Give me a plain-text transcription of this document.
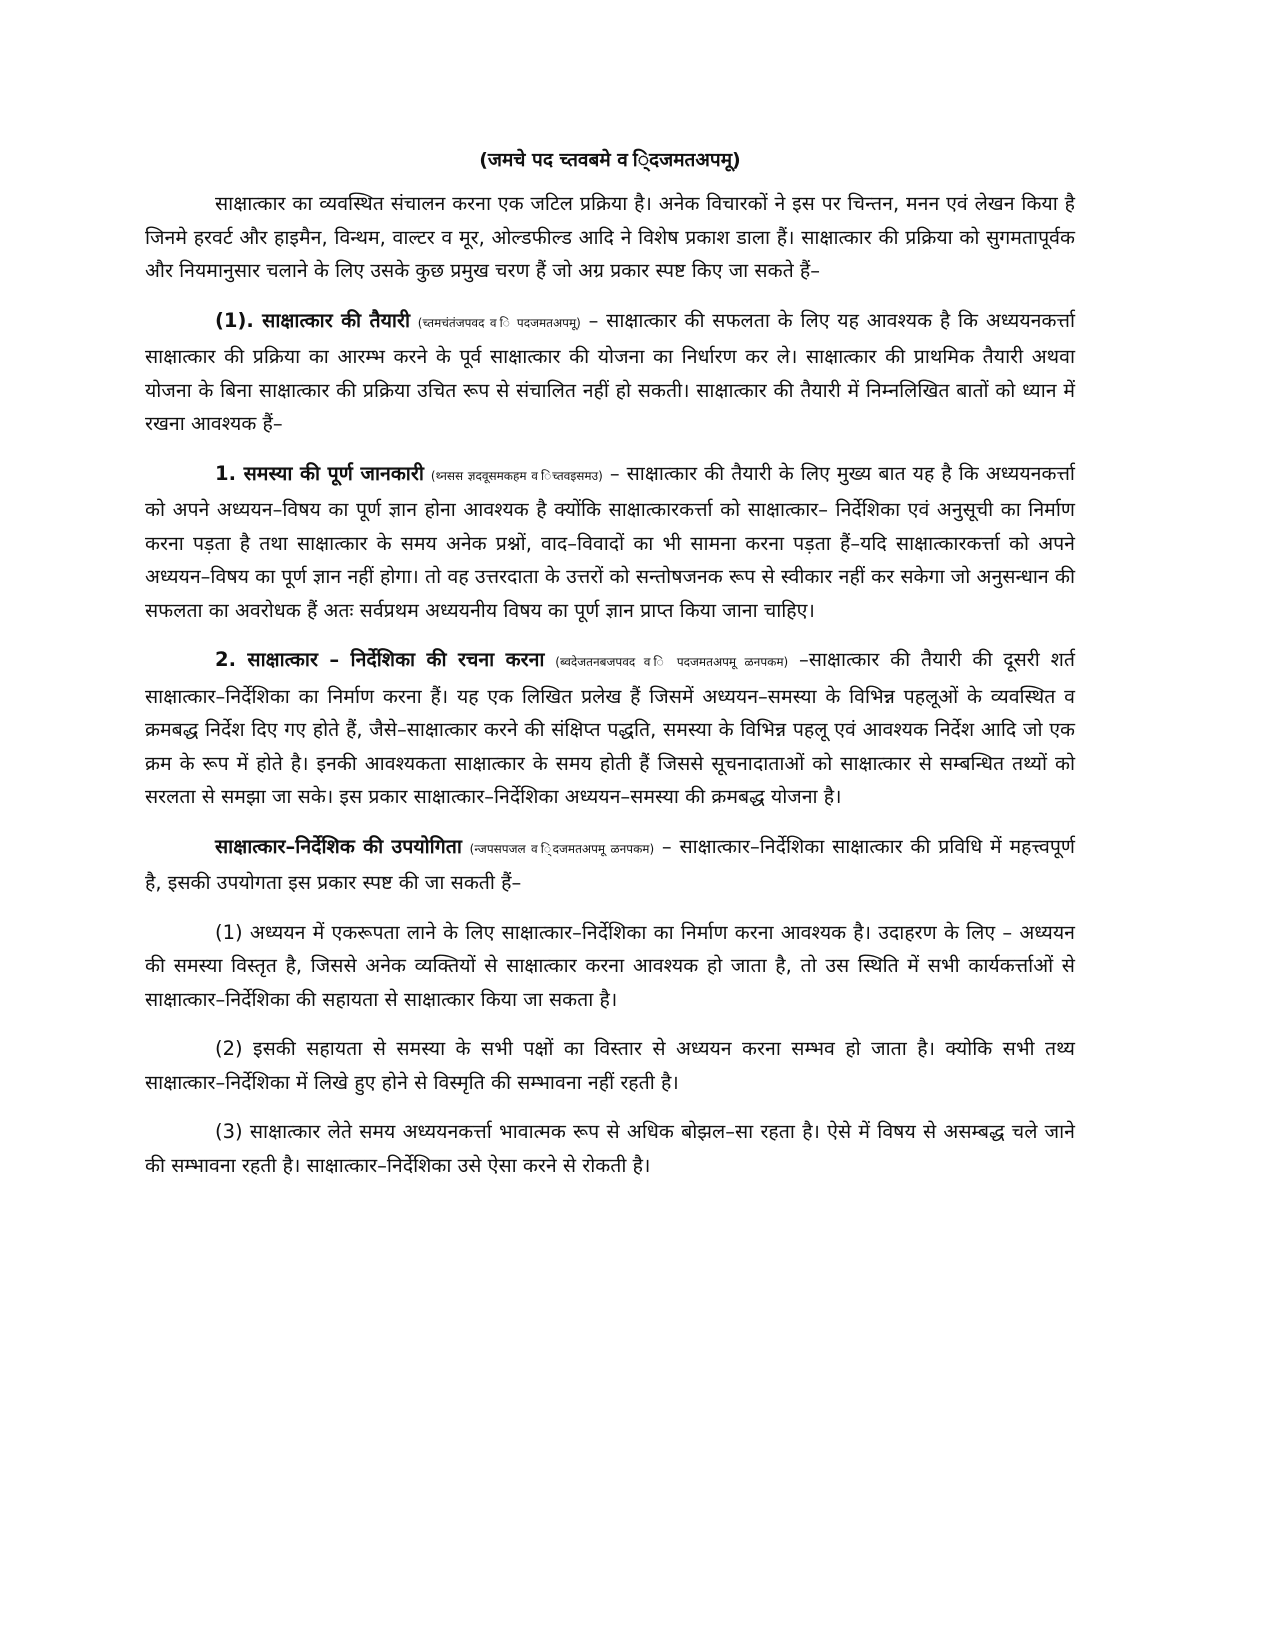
(जमचे पद च्तवबमे व ि्दजमतअपमू)

साक्षात्कार का व्यवस्थित संचालन करना एक जटिल प्रक्रिया है। अनेक विचारकों ने इस पर चिन्तन, मनन एवं लेखन किया है जिनमे हरवर्ट और हाइमैन, विन्थम, वाल्टर व मूर, ओल्डफील्ड आदि ने विशेष प्रकाश डाला हैं। साक्षात्कार की प्रक्रिया को सुगमतापूर्वक और नियमानुसार चलाने के लिए उसके कुछ प्रमुख चरण हैं जो अग्र प्रकार स्पष्ट किए जा सकते हैं–

(1). साक्षात्कार की तैयारी (च्तमचंतंजपवद व ि पदजमतअपमू) – साक्षात्कार की सफलता के लिए यह आवश्यक है कि अध्ययनकर्त्ता साक्षात्कार की प्रक्रिया का आरम्भ करने के पूर्व साक्षात्कार की योजना का निर्धारण कर ले। साक्षात्कार की प्राथमिक तैयारी अथवा योजना के बिना साक्षात्कार की प्रक्रिया उचित रूप से संचालित नहीं हो सकती। साक्षात्कार की तैयारी में निम्नलिखित बातों को ध्यान में रखना आवश्यक हैं–

1. समस्या की पूर्ण जानकारी (थ्नसस ज्ञदवूसमकहम व िच्तवइसमउ) – साक्षात्कार की तैयारी के लिए मुख्य बात यह है कि अध्ययनकर्त्ता को अपने अध्ययन–विषय का पूर्ण ज्ञान होना आवश्यक है क्योंकि साक्षात्कारकर्त्ता को साक्षात्कार– निर्देशिका एवं अनुसूची का निर्माण करना पड़ता है तथा साक्षात्कार के समय अनेक प्रश्नों, वाद–विवादों का भी सामना करना पड़ता हैं–यदि साक्षात्कारकर्त्ता को अपने अध्ययन–विषय का पूर्ण ज्ञान नहीं होगा। तो वह उत्तरदाता के उत्तरों को सन्तोषजनक रूप से स्वीकार नहीं कर सकेगा जो अनुसन्धान की सफलता का अवरोधक हैं अतः सर्वप्रथम अध्ययनीय विषय का पूर्ण ज्ञान प्राप्त किया जाना चाहिए।

2. साक्षात्कार – निर्देशिका की रचना करना (ब्वदेजतनबजपवद व ि पदजमतअपमू ळनपकम) –साक्षात्कार की तैयारी की दूसरी शर्त साक्षात्कार–निर्देशिका का निर्माण करना हैं। यह एक लिखित प्रलेख हैं जिसमें अध्ययन–समस्या के विभिन्न पहलूओं के व्यवस्थित व क्रमबद्ध निर्देश दिए गए होते हैं, जैसे–साक्षात्कार करने की संक्षिप्त पद्धति, समस्या के विभिन्न पहलू एवं आवश्यक निर्देश आदि जो एक क्रम के रूप में होते है। इनकी आवश्यकता साक्षात्कार के समय होती हैं जिससे सूचनादाताओं को साक्षात्कार से सम्बन्धित तथ्यों को सरलता से समझा जा सके। इस प्रकार साक्षात्कार–निर्देशिका अध्ययन–समस्या की क्रमबद्ध योजना है।

साक्षात्कार–निर्देशिक की उपयोगिता (न्जपसपजल व ि्दजमतअपमू ळनपकम) – साक्षात्कार–निर्देशिका साक्षात्कार की प्रविधि में महत्त्वपूर्ण है, इसकी उपयोगता इस प्रकार स्पष्ट की जा सकती हैं–

(1) अध्ययन में एकरूपता लाने के लिए साक्षात्कार–निर्देशिका का निर्माण करना आवश्यक है। उदाहरण के लिए – अध्ययन की समस्या विस्तृत है, जिससे अनेक व्यक्तियों से साक्षात्कार करना आवश्यक हो जाता है, तो उस स्थिति में सभी कार्यकर्त्ताओं से साक्षात्कार–निर्देशिका की सहायता से साक्षात्कार किया जा सकता है।

(2) इसकी सहायता से समस्या के सभी पक्षों का विस्तार से अध्ययन करना सम्भव हो जाता है। क्योकि सभी तथ्य साक्षात्कार–निर्देशिका में लिखे हुए होने से विस्मृति की सम्भावना नहीं रहती है।

(3) साक्षात्कार लेते समय अध्ययनकर्त्ता भावात्मक रूप से अधिक बोझल–सा रहता है। ऐसे में विषय से असम्बद्ध चले जाने की सम्भावना रहती है। साक्षात्कार–निर्देशिका उसे ऐसा करने से रोकती है।
